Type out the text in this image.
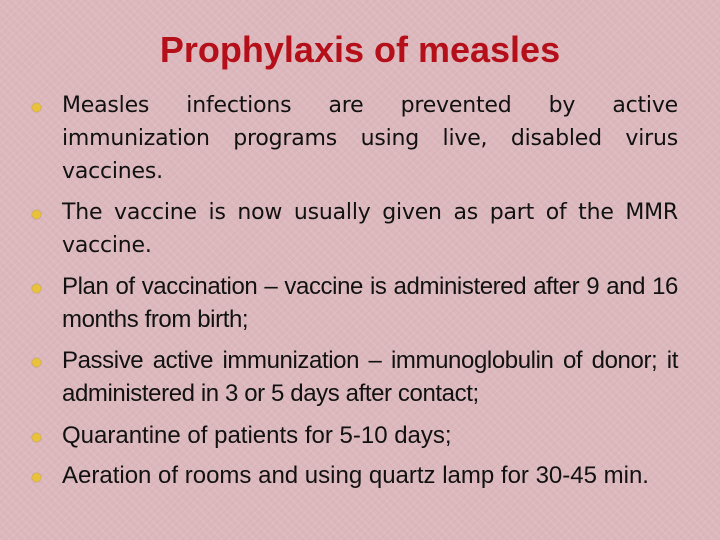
Prophylaxis of measles

Measles infections are prevented by active immunization programs using live, disabled virus vaccines.

The vaccine is now usually given as part of the MMR vaccine.

Plan of vaccination – vaccine is administered after 9 and 16 months from birth;

Passive active immunization – immunoglobulin of donor; it administered in 3 or 5 days after contact;

Quarantine of patients for 5-10 days;

Aeration of rooms and using quartz lamp for 30-45 min.
